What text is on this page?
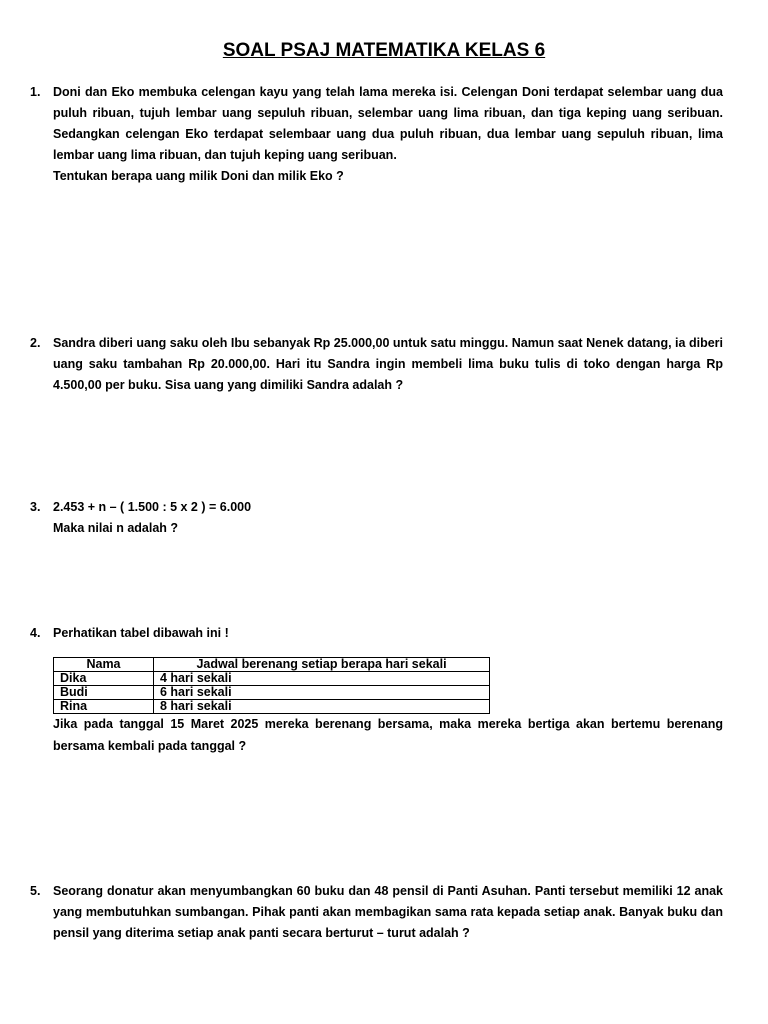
SOAL PSAJ MATEMATIKA KELAS 6
1. Doni dan Eko membuka celengan kayu yang telah lama mereka isi. Celengan Doni terdapat selembar uang dua puluh ribuan, tujuh lembar uang sepuluh ribuan, selembar uang lima ribuan, dan tiga keping uang seribuan. Sedangkan celengan Eko terdapat selembaar uang dua puluh ribuan, dua lembar uang sepuluh ribuan, lima lembar uang lima ribuan, dan tujuh keping uang seribuan.

Tentukan berapa uang milik Doni dan milik Eko ?

2. Sandra diberi uang saku oleh Ibu sebanyak Rp 25.000,00 untuk satu minggu. Namun saat Nenek datang, ia diberi uang saku tambahan Rp 20.000,00. Hari itu Sandra ingin membeli lima buku tulis di toko dengan harga Rp 4.500,00 per buku. Sisa uang yang dimiliki Sandra adalah ?

3. 2.453 + n – ( 1.500 : 5 x 2 ) = 6.000

Maka nilai n adalah ?

4. Perhatikan tabel dibawah ini !

Nama	Jadwal berenang setiap berapa hari sekali
Dika	4 hari sekali
Budi	6 hari sekali
Rina	8 hari sekali

Jika pada tanggal 15 Maret 2025 mereka berenang bersama, maka mereka bertiga akan bertemu berenang bersama kembali pada tanggal ?

5. Seorang donatur akan menyumbangkan 60 buku dan 48 pensil di Panti Asuhan. Panti tersebut memiliki 12 anak yang membutuhkan sumbangan. Pihak panti akan membagikan sama rata kepada setiap anak. Banyak buku dan pensil yang diterima setiap anak panti secara berturut – turut adalah ?
